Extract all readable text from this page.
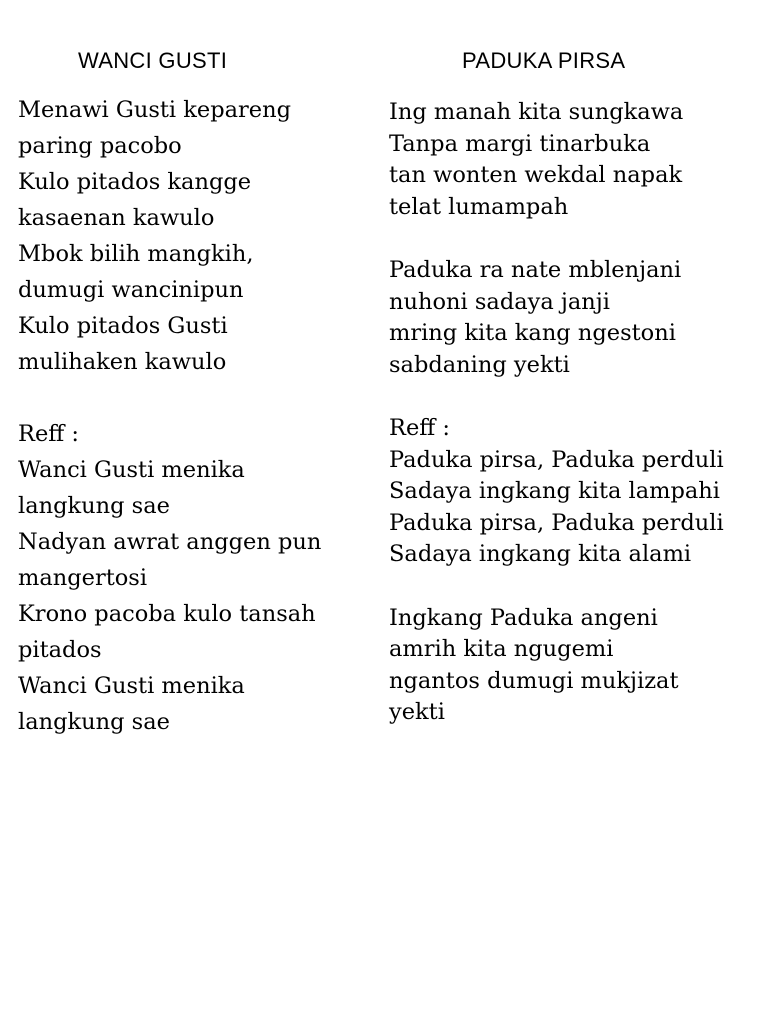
WANCI GUSTI	PADUKA PIRSA
Menawi Gusti kepareng
paring pacobo
Kulo pitados kangge
kasaenan kawulo
Mbok bilih mangkih,
dumugi wancinipun
Kulo pitados Gusti
mulihaken kawulo
Reff :
Wanci Gusti menika
langkung sae
Nadyan awrat anggen pun
mangertosi
Krono pacoba kulo tansah
pitados
Wanci Gusti menika
langkung sae
Ing manah kita sungkawa
Tanpa margi tinarbuka
tan wonten wekdal napak
telat lumampah
Paduka ra nate mblenjani
nuhoni sadaya janji
mring kita kang ngestoni
sabdaning yekti
Reff :
Paduka pirsa, Paduka perduli
Sadaya ingkang kita lampahi
Paduka pirsa, Paduka perduli
Sadaya ingkang kita alami
Ingkang Paduka angeni
amrih kita ngugemi
ngantos dumugi mukjizat
yekti
